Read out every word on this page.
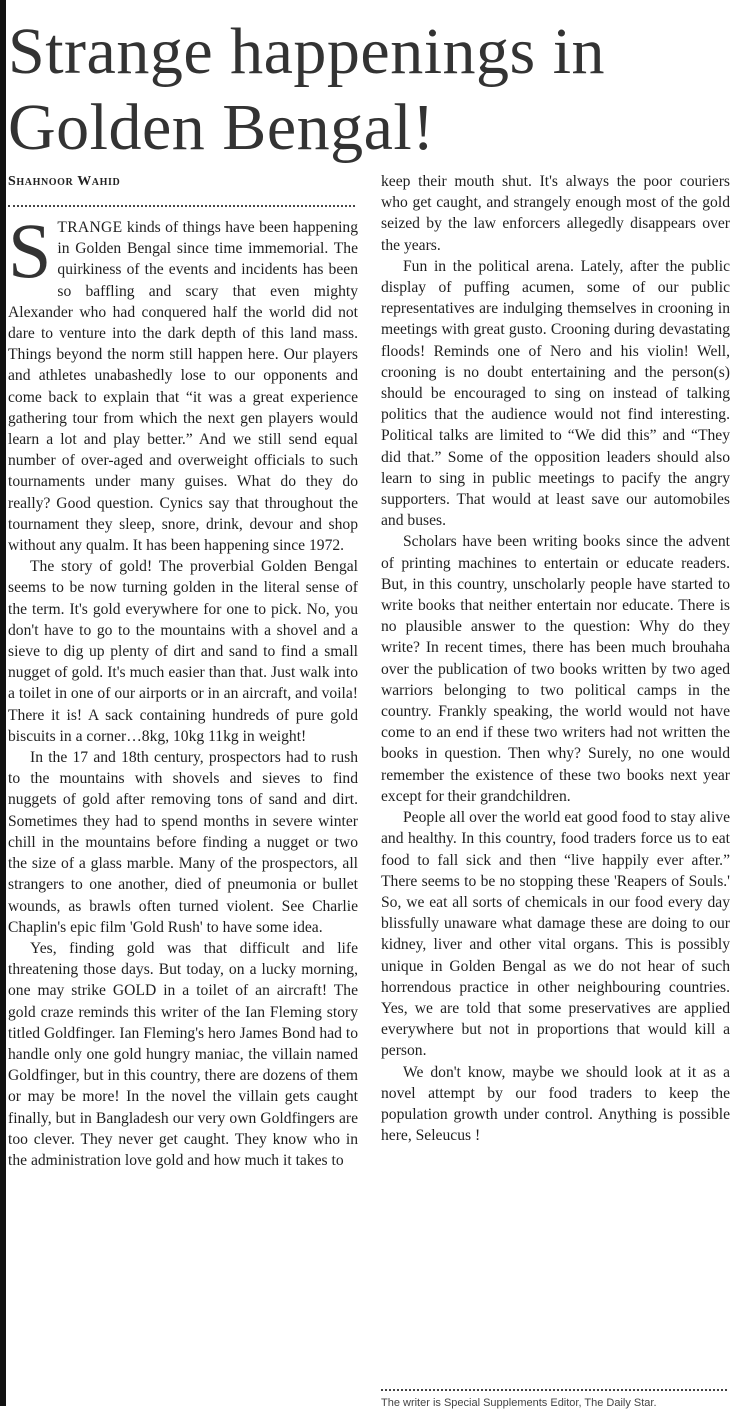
Strange happenings in Golden Bengal!
Shahnoor Wahid

STRANGE kinds of things have been happening in Golden Bengal since time immemorial. The quirkiness of the events and incidents has been so baffling and scary that even mighty Alexander who had conquered half the world did not dare to venture into the dark depth of this land mass. Things beyond the norm still happen here. Our players and athletes unabashedly lose to our opponents and come back to explain that “it was a great experience gathering tour from which the next gen players would learn a lot and play better.” And we still send equal number of over-aged and overweight officials to such tournaments under many guises. What do they do really? Good question. Cynics say that throughout the tournament they sleep, snore, drink, devour and shop without any qualm. It has been happening since 1972.

The story of gold! The proverbial Golden Bengal seems to be now turning golden in the literal sense of the term. It's gold everywhere for one to pick. No, you don't have to go to the mountains with a shovel and a sieve to dig up plenty of dirt and sand to find a small nugget of gold. It's much easier than that. Just walk into a toilet in one of our airports or in an aircraft, and voila! There it is! A sack containing hundreds of pure gold biscuits in a corner…8kg, 10kg 11kg in weight!

In the 17 and 18th century, prospectors had to rush to the mountains with shovels and sieves to find nuggets of gold after removing tons of sand and dirt. Sometimes they had to spend months in severe winter chill in the mountains before finding a nugget or two the size of a glass marble. Many of the prospectors, all strangers to one another, died of pneumonia or bullet wounds, as brawls often turned violent. See Charlie Chaplin's epic film 'Gold Rush' to have some idea.

Yes, finding gold was that difficult and life threatening those days. But today, on a lucky morning, one may strike GOLD in a toilet of an aircraft! The gold craze reminds this writer of the Ian Fleming story titled Goldfinger. Ian Fleming's hero James Bond had to handle only one gold hungry maniac, the villain named Goldfinger, but in this country, there are dozens of them or may be more! In the novel the villain gets caught finally, but in Bangladesh our very own Goldfingers are too clever. They never get caught. They know who in the administration love gold and how much it takes to

keep their mouth shut. It's always the poor couriers who get caught, and strangely enough most of the gold seized by the law enforcers allegedly disappears over the years.

Fun in the political arena. Lately, after the public display of puffing acumen, some of our public representatives are indulging themselves in crooning in meetings with great gusto. Crooning during devastating floods! Reminds one of Nero and his violin! Well, crooning is no doubt entertaining and the person(s) should be encouraged to sing on instead of talking politics that the audience would not find interesting. Political talks are limited to “We did this” and “They did that.” Some of the opposition leaders should also learn to sing in public meetings to pacify the angry supporters. That would at least save our automobiles and buses.

Scholars have been writing books since the advent of printing machines to entertain or educate readers. But, in this country, unscholarly people have started to write books that neither entertain nor educate. There is no plausible answer to the question: Why do they write? In recent times, there has been much brouhaha over the publication of two books written by two aged warriors belonging to two political camps in the country. Frankly speaking, the world would not have come to an end if these two writers had not written the books in question. Then why? Surely, no one would remember the existence of these two books next year except for their grandchildren.

People all over the world eat good food to stay alive and healthy. In this country, food traders force us to eat food to fall sick and then “live happily ever after.” There seems to be no stopping these 'Reapers of Souls.' So, we eat all sorts of chemicals in our food every day blissfully unaware what damage these are doing to our kidney, liver and other vital organs. This is possibly unique in Golden Bengal as we do not hear of such horrendous practice in other neighbouring countries. Yes, we are told that some preservatives are applied everywhere but not in proportions that would kill a person.

We don't know, maybe we should look at it as a novel attempt by our food traders to keep the population growth under control. Anything is possible here, Seleucus !

The writer is Special Supplements Editor, The Daily Star.
